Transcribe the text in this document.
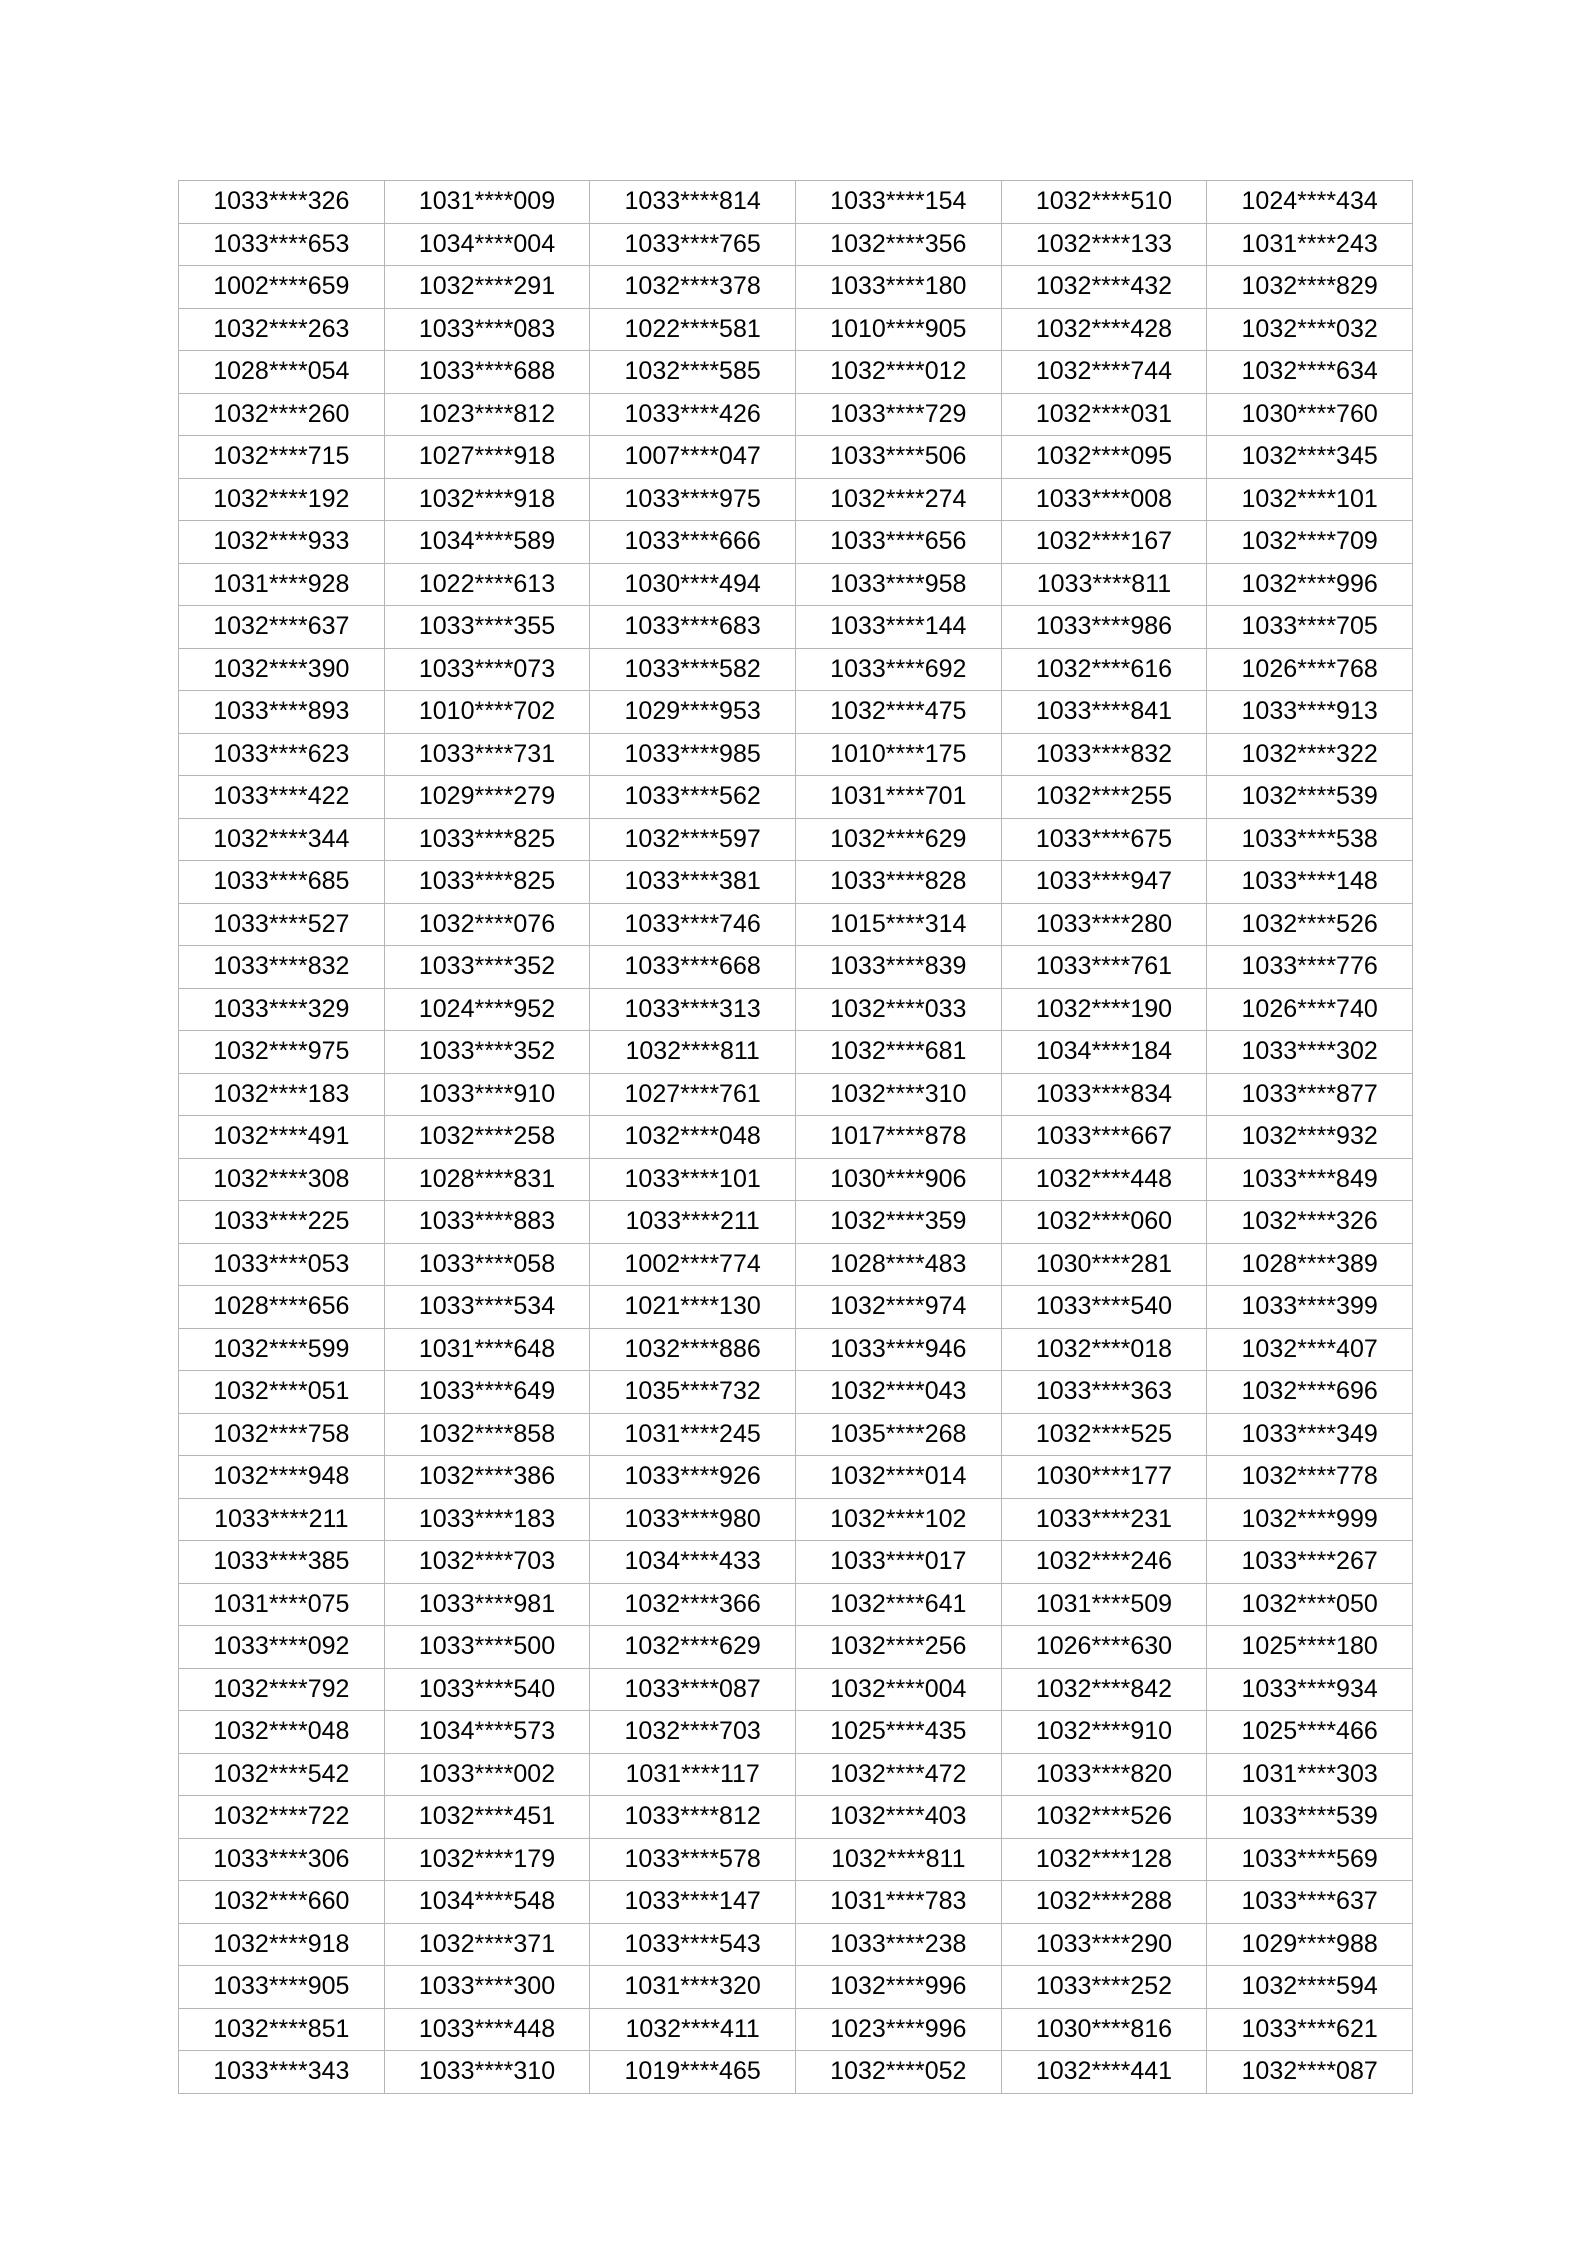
1033****326	1031****009	1033****814	1033****154	1032****510	1024****434
1033****653	1034****004	1033****765	1032****356	1032****133	1031****243
1002****659	1032****291	1032****378	1033****180	1032****432	1032****829
1032****263	1033****083	1022****581	1010****905	1032****428	1032****032
1028****054	1033****688	1032****585	1032****012	1032****744	1032****634
1032****260	1023****812	1033****426	1033****729	1032****031	1030****760
1032****715	1027****918	1007****047	1033****506	1032****095	1032****345
1032****192	1032****918	1033****975	1032****274	1033****008	1032****101
1032****933	1034****589	1033****666	1033****656	1032****167	1032****709
1031****928	1022****613	1030****494	1033****958	1033****811	1032****996
1032****637	1033****355	1033****683	1033****144	1033****986	1033****705
1032****390	1033****073	1033****582	1033****692	1032****616	1026****768
1033****893	1010****702	1029****953	1032****475	1033****841	1033****913
1033****623	1033****731	1033****985	1010****175	1033****832	1032****322
1033****422	1029****279	1033****562	1031****701	1032****255	1032****539
1032****344	1033****825	1032****597	1032****629	1033****675	1033****538
1033****685	1033****825	1033****381	1033****828	1033****947	1033****148
1033****527	1032****076	1033****746	1015****314	1033****280	1032****526
1033****832	1033****352	1033****668	1033****839	1033****761	1033****776
1033****329	1024****952	1033****313	1032****033	1032****190	1026****740
1032****975	1033****352	1032****811	1032****681	1034****184	1033****302
1032****183	1033****910	1027****761	1032****310	1033****834	1033****877
1032****491	1032****258	1032****048	1017****878	1033****667	1032****932
1032****308	1028****831	1033****101	1030****906	1032****448	1033****849
1033****225	1033****883	1033****211	1032****359	1032****060	1032****326
1033****053	1033****058	1002****774	1028****483	1030****281	1028****389
1028****656	1033****534	1021****130	1032****974	1033****540	1033****399
1032****599	1031****648	1032****886	1033****946	1032****018	1032****407
1032****051	1033****649	1035****732	1032****043	1033****363	1032****696
1032****758	1032****858	1031****245	1035****268	1032****525	1033****349
1032****948	1032****386	1033****926	1032****014	1030****177	1032****778
1033****211	1033****183	1033****980	1032****102	1033****231	1032****999
1033****385	1032****703	1034****433	1033****017	1032****246	1033****267
1031****075	1033****981	1032****366	1032****641	1031****509	1032****050
1033****092	1033****500	1032****629	1032****256	1026****630	1025****180
1032****792	1033****540	1033****087	1032****004	1032****842	1033****934
1032****048	1034****573	1032****703	1025****435	1032****910	1025****466
1032****542	1033****002	1031****117	1032****472	1033****820	1031****303
1032****722	1032****451	1033****812	1032****403	1032****526	1033****539
1033****306	1032****179	1033****578	1032****811	1032****128	1033****569
1032****660	1034****548	1033****147	1031****783	1032****288	1033****637
1032****918	1032****371	1033****543	1033****238	1033****290	1029****988
1033****905	1033****300	1031****320	1032****996	1033****252	1032****594
1032****851	1033****448	1032****411	1023****996	1030****816	1033****621
1033****343	1033****310	1019****465	1032****052	1032****441	1032****087
